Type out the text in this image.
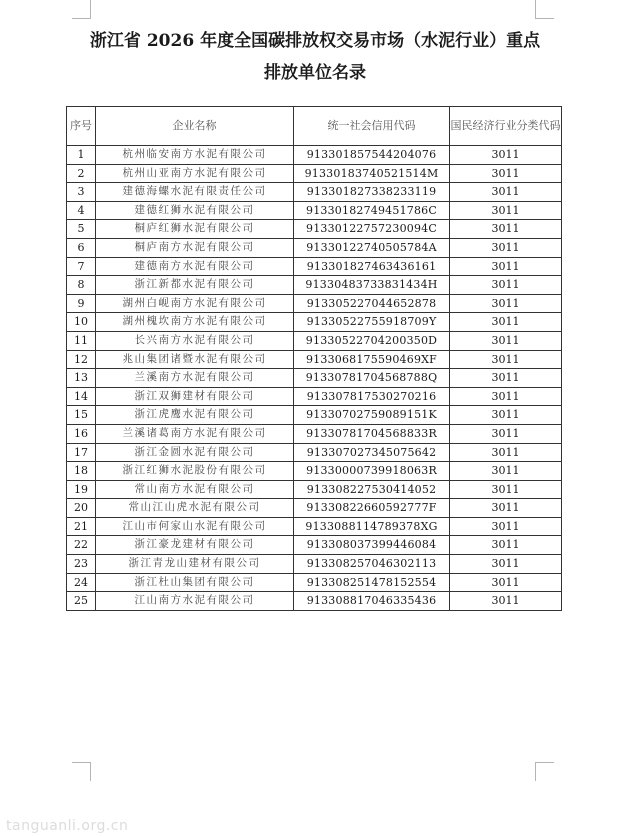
浙江省 2026 年度全国碳排放权交易市场（水泥行业）重点
排放单位名录
序号	企业名称	统一社会信用代码	国民经济行业分类代码
1	杭州临安南方水泥有限公司	913301857544204076	3011
2	杭州山亚南方水泥有限公司	91330183740521514M	3011
3	建德海螺水泥有限责任公司	913301827338233119	3011
4	建德红狮水泥有限公司	91330182749451786C	3011
5	桐庐红狮水泥有限公司	91330122757230094C	3011
6	桐庐南方水泥有限公司	91330122740505784A	3011
7	建德南方水泥有限公司	913301827463436161	3011
8	浙江新都水泥有限公司	91330483733831434H	3011
9	湖州白岘南方水泥有限公司	913305227044652878	3011
10	湖州槐坎南方水泥有限公司	91330522755918709Y	3011
11	长兴南方水泥有限公司	91330522704200350D	3011
12	兆山集团诸暨水泥有限公司	9133068175590469XF	3011
13	兰溪南方水泥有限公司	91330781704568788Q	3011
14	浙江双狮建材有限公司	913307817530270216	3011
15	浙江虎鹰水泥有限公司	91330702759089151K	3011
16	兰溪诸葛南方水泥有限公司	91330781704568833R	3011
17	浙江金圆水泥有限公司	913307027345075642	3011
18	浙江红狮水泥股份有限公司	91330000739918063R	3011
19	常山南方水泥有限公司	913308227530414052	3011
20	常山江山虎水泥有限公司	91330822660592777F	3011
21	江山市何家山水泥有限公司	9133088114789378XG	3011
22	浙江豪龙建材有限公司	913308037399446084	3011
23	浙江青龙山建材有限公司	913308257046302113	3011
24	浙江杜山集团有限公司	913308251478152554	3011
25	江山南方水泥有限公司	913308817046335436	3011
tanguanli.org.cn
